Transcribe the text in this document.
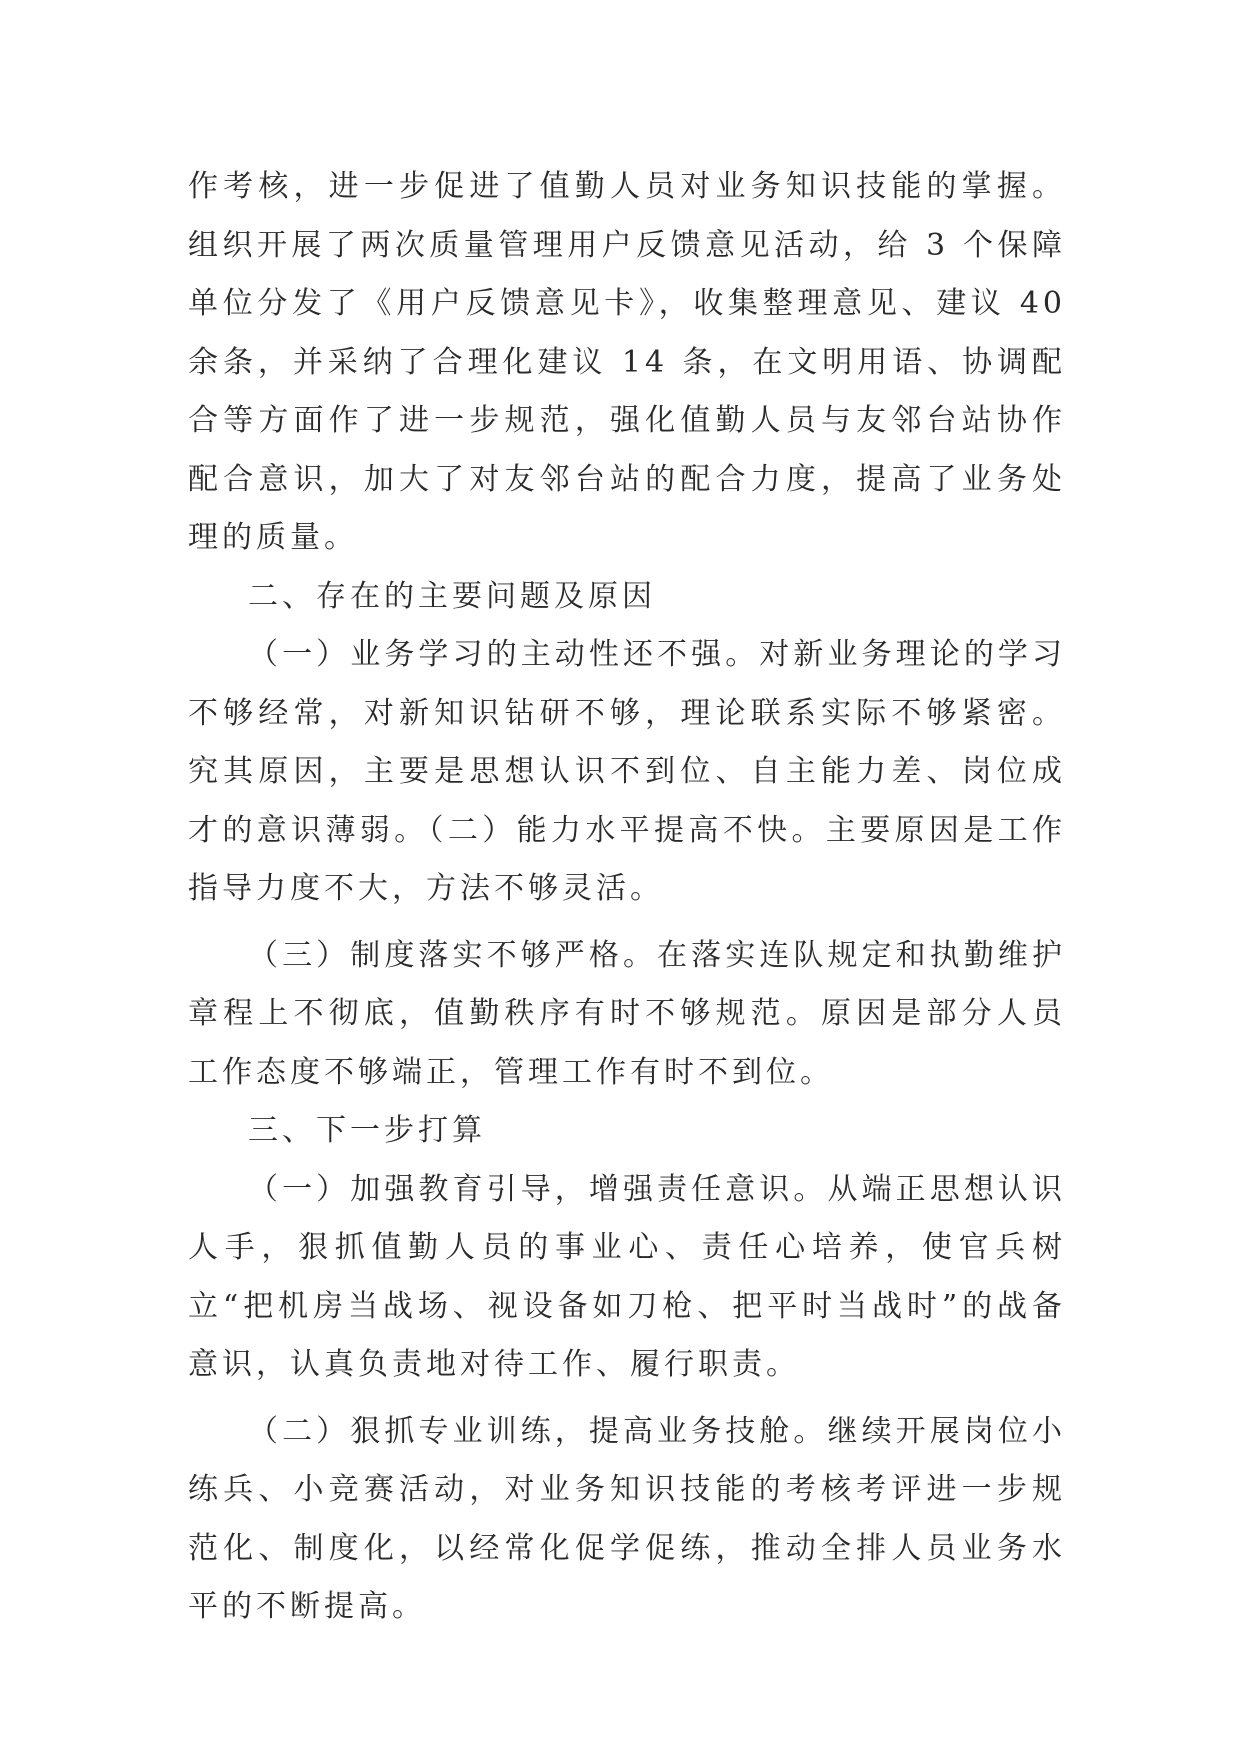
作考核，进一步促进了值勤人员对业务知识技能的掌握。组织开展了两次质量管理用户反馈意见活动，给 3 个保障单位分发了《用户反馈意见卡》，收集整理意见、建议 40 余条，并采纳了合理化建议 14 条，在文明用语、协调配合等方面作了进一步规范，强化值勤人员与友邻台站协作配合意识，加大了对友邻台站的配合力度，提高了业务处理的质量。

二、存在的主要问题及原因

（一）业务学习的主动性还不强。对新业务理论的学习不够经常，对新知识钻研不够，理论联系实际不够紧密。究其原因，主要是思想认识不到位、自主能力差、岗位成才的意识薄弱。（二）能力水平提高不快。主要原因是工作指导力度不大，方法不够灵活。

（三）制度落实不够严格。在落实连队规定和执勤维护章程上不彻底，值勤秩序有时不够规范。原因是部分人员工作态度不够端正，管理工作有时不到位。

三、下一步打算

（一）加强教育引导，增强责任意识。从端正思想认识人手，狠抓值勤人员的事业心、责任心培养，使官兵树立“把机房当战场、视设备如刀枪、把平时当战时”的战备意识，认真负责地对待工作、履行职责。

（二）狠抓专业训练，提高业务技舱。继续开展岗位小练兵、小竞赛活动，对业务知识技能的考核考评进一步规范化、制度化，以经常化促学促练，推动全排人员业务水平的不断提高。
